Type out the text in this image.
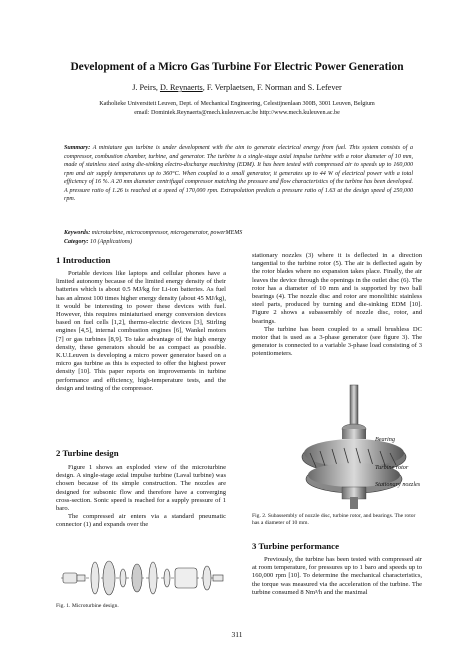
Development of a Micro Gas Turbine For Electric Power Generation
J. Peirs, D. Reynaerts, F. Verplaetsen, F. Norman and S. Lefever
Katholieke Universiteit Leuven, Dept. of Mechanical Engineering, Celestijnenlaan 300B, 3001 Leuven, Belgium
email: Dominiek.Reynaerts@mech.kuleuven.ac.be http://www.mech.kuleuven.ac.be
Summary: A miniature gas turbine is under development with the aim to generate electrical energy from fuel. This system consists of a compressor, combustion chamber, turbine, and generator. The turbine is a single-stage axial impulse turbine with a rotor diameter of 10 mm, made of stainless steel using die-sinking electro-discharge machining (EDM). It has been tested with compressed air to speeds up to 160,000 rpm and air supply temperatures up to 360°C. When coupled to a small generator, it generates up to 44 W of electrical power with a total efficiency of 16 %. A 20 mm diameter centrifugal compressor matching the pressure and flow characteristics of the turbine has been developed. A pressure ratio of 1.26 is reached at a speed of 170,000 rpm. Extrapolation predicts a pressure ratio of 1.63 at the design speed of 250,000 rpm.
Keywords: microturbine, microcompressor, microgenerator, powerMEMS
Category: 10 (Applications)
1 Introduction

Portable devices like laptops and cellular phones have a limited autonomy because of the limited energy density of their batteries which is about 0.5 MJ/kg for Li-ion batteries. As fuel has an almost 100 times higher energy density (about 45 MJ/kg), it would be interesting to power these devices with fuel. However, this requires miniaturised energy conversion devices based on fuel cells [1,2], thermo-electric devices [3], Stirling engines [4,5], internal combustion engines [6], Wankel motors [7] or gas turbines [8,9]. To take advantage of the high energy density, these generators should be as compact as possible. K.U.Leuven is developing a micro power generator based on a micro gas turbine as this is expected to offer the highest power density [10]. This paper reports on improvements in turbine performance and efficiency, high-temperature tests, and the design and testing of the compressor.

2 Turbine design

Figure 1 shows an exploded view of the microturbine design. A single-stage axial impulse turbine (Laval turbine) was chosen because of its simple construction. The nozzles are designed for subsonic flow and therefore have a converging cross-section. Sonic speed is reached for a supply pressure of 1 baro.

The compressed air enters via a standard pneumatic connector (1) and expands over the

Fig. 1. Microturbine design.

stationary nozzles (3) where it is deflected in a direction tangential to the turbine rotor (5). The air is deflected again by the rotor blades where no expansion takes place. Finally, the air leaves the device through the openings in the outlet disc (6). The rotor has a diameter of 10 mm and is supported by two ball bearings (4). The nozzle disc and rotor are monolithic stainless steel parts, produced by turning and die-sinking EDM [10]. Figure 2 shows a subassembly of nozzle disc, rotor, and bearings.

The turbine has been coupled to a small brushless DC motor that is used as a 3-phase generator (see figure 3). The generator is connected to a variable 3-phase load consisting of 3 potentiometers.

Bearing
Turbine rotor
Stationary nozzles
Fig. 2. Subassembly of nozzle disc, turbine rotor, and bearings. The rotor has a diameter of 10 mm.
3 Turbine performance

Previously, the turbine has been tested with compressed air at room temperature, for pressures up to 1 baro and speeds up to 160,000 rpm [10]. To determine the mechanical characteristics, the torque was measured via the acceleration of the turbine. The turbine consumed 8 Nm³/h and the maximal

311
